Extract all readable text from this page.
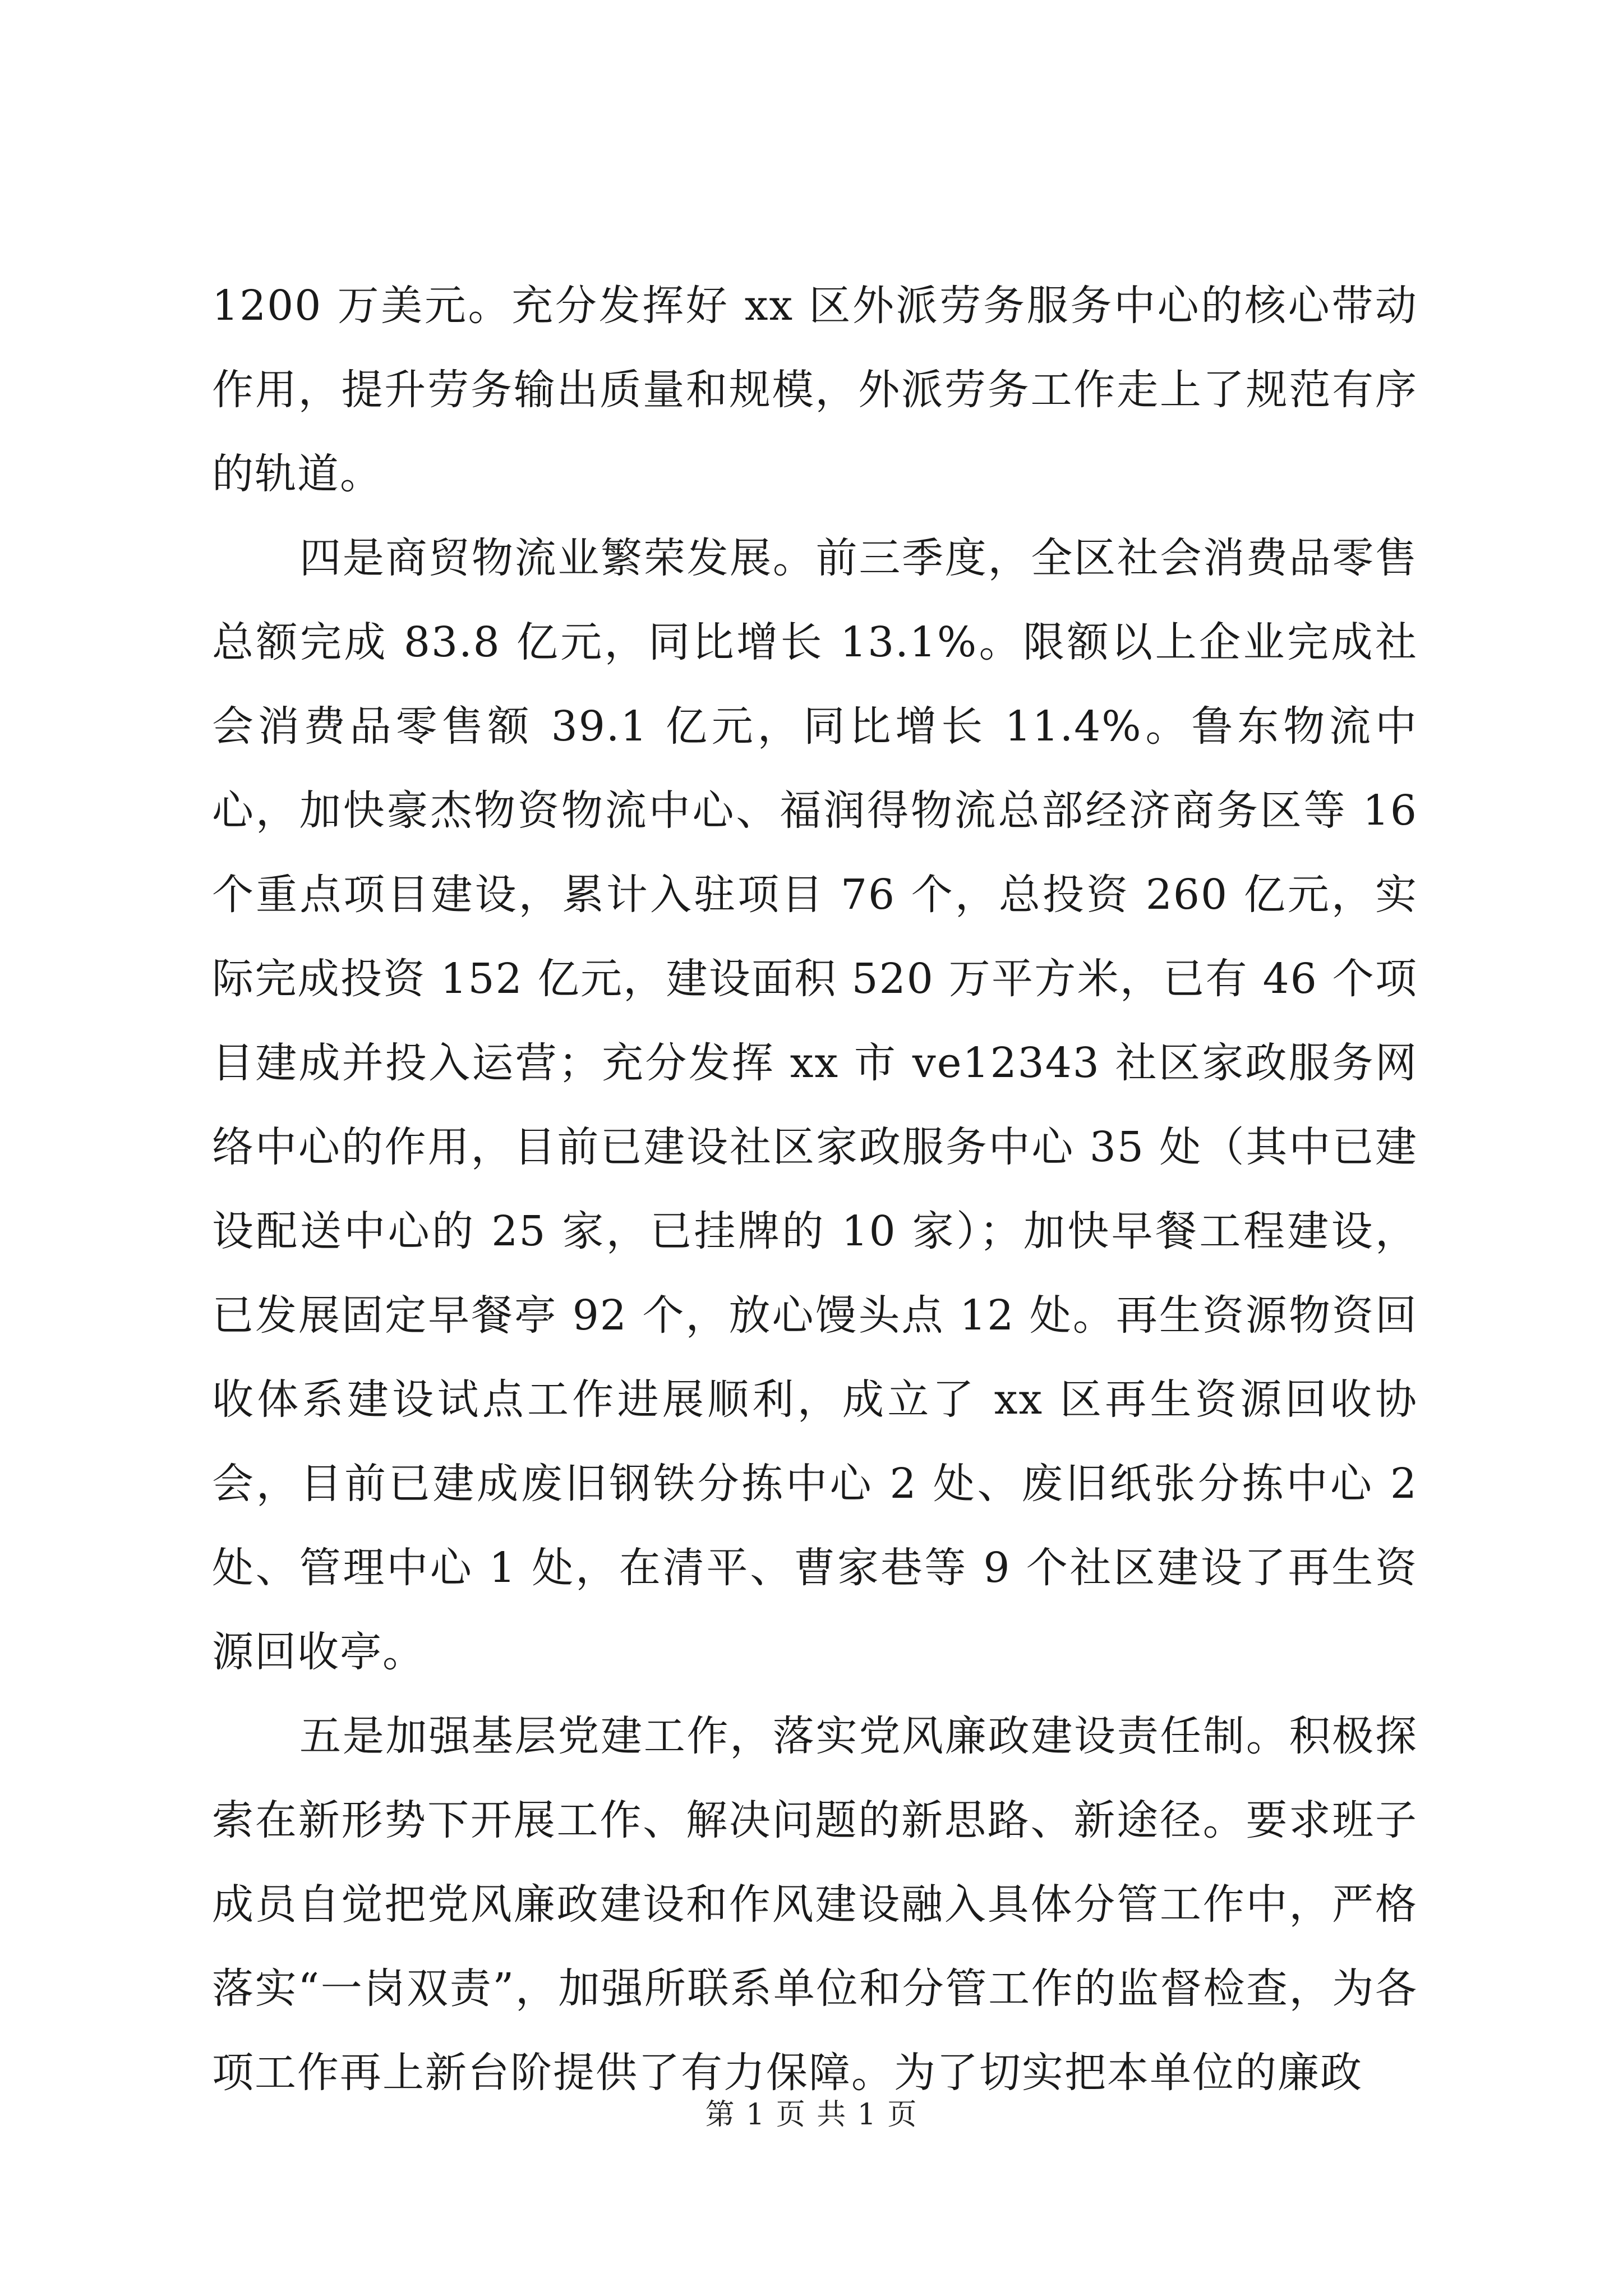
1200 万美元。充分发挥好 xx 区外派劳务服务中心的核心带动作用，提升劳务输出质量和规模，外派劳务工作走上了规范有序的轨道。

四是商贸物流业繁荣发展。前三季度，全区社会消费品零售总额完成 83.8 亿元，同比增长 13.1%。限额以上企业完成社会消费品零售额 39.1 亿元，同比增长 11.4%。鲁东物流中心，加快豪杰物资物流中心、福润得物流总部经济商务区等 16 个重点项目建设，累计入驻项目 76 个，总投资 260 亿元，实际完成投资 152 亿元，建设面积 520 万平方米，已有 46 个项目建成并投入运营；充分发挥 xx 市 ve12343 社区家政服务网络中心的作用，目前已建设社区家政服务中心 35 处（其中已建设配送中心的 25 家，已挂牌的 10 家）；加快早餐工程建设，已发展固定早餐亭 92 个，放心馒头点 12 处。再生资源物资回收体系建设试点工作进展顺利，成立了 xx 区再生资源回收协会，目前已建成废旧钢铁分拣中心 2 处、废旧纸张分拣中心 2 处、管理中心 1 处，在清平、曹家巷等 9 个社区建设了再生资源回收亭。

五是加强基层党建工作，落实党风廉政建设责任制。积极探索在新形势下开展工作、解决问题的新思路、新途径。要求班子成员自觉把党风廉政建设和作风建设融入具体分管工作中，严格落实“一岗双责”，加强所联系单位和分管工作的监督检查，为各项工作再上新台阶提供了有力保障。为了切实把本单位的廉政

第 1 页 共 1 页
